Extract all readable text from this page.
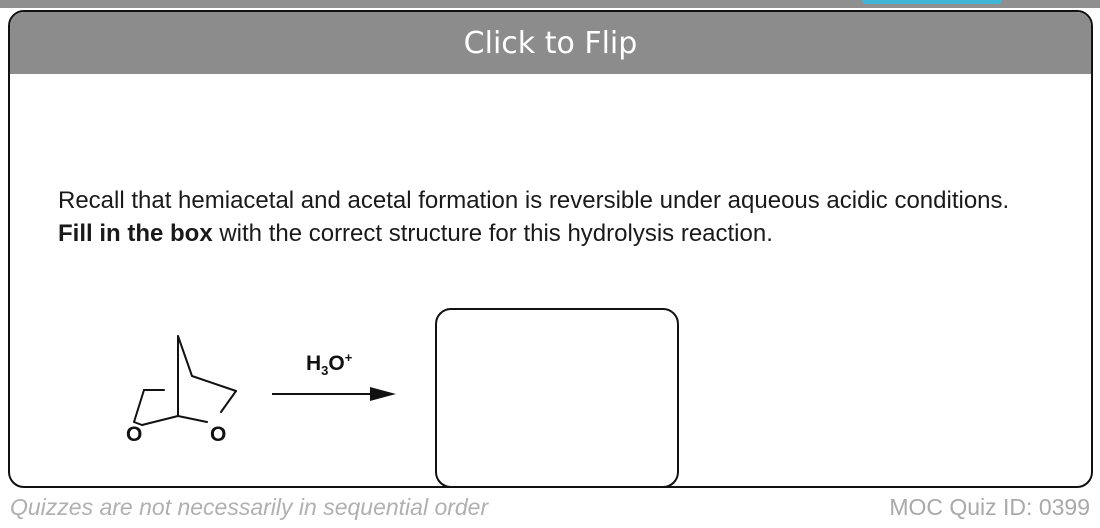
Click to Flip
Recall that hemiacetal and acetal formation is reversible under aqueous acidic conditions. Fill in the box with the correct structure for this hydrolysis reaction.
O	O
$H_3O^+$
Quizzes are not necessarily in sequential order	MOC Quiz ID: 0399
